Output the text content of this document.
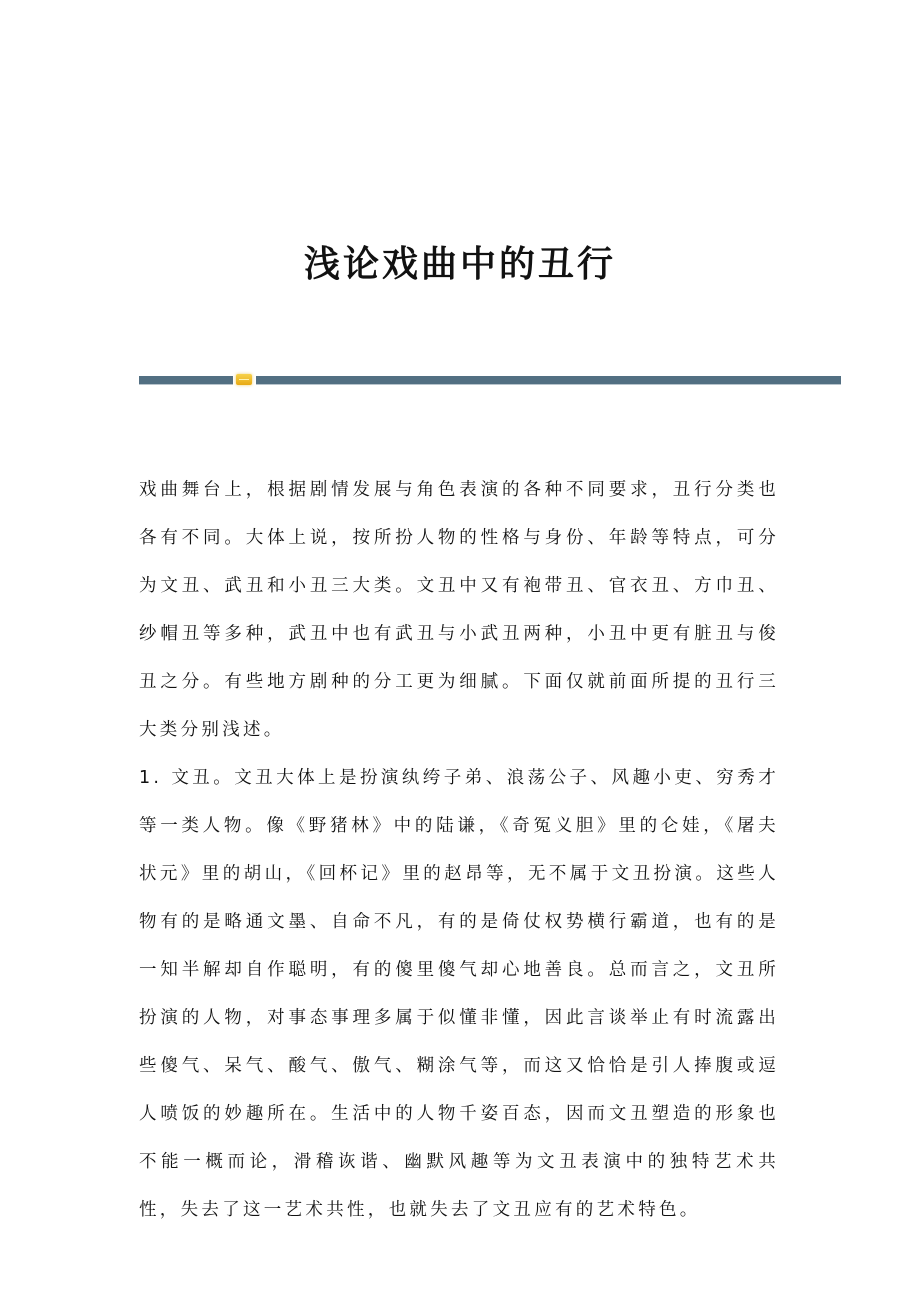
浅论戏曲中的丑行

戏曲舞台上，根据剧情发展与角色表演的各种不同要求，丑行分类也各有不同。大体上说，按所扮人物的性格与身份、年龄等特点，可分为文丑、武丑和小丑三大类。文丑中又有袍带丑、官衣丑、方巾丑、纱帽丑等多种，武丑中也有武丑与小武丑两种，小丑中更有脏丑与俊丑之分。有些地方剧种的分工更为细腻。下面仅就前面所提的丑行三大类分别浅述。

1. 文丑。文丑大体上是扮演纨绔子弟、浪荡公子、风趣小吏、穷秀才等一类人物。像《野猪林》中的陆谦，《奇冤义胆》里的仑娃，《屠夫状元》里的胡山，《回杯记》里的赵昂等，无不属于文丑扮演。这些人物有的是略通文墨、自命不凡，有的是倚仗权势横行霸道，也有的是一知半解却自作聪明，有的傻里傻气却心地善良。总而言之，文丑所扮演的人物，对事态事理多属于似懂非懂，因此言谈举止有时流露出些傻气、呆气、酸气、傲气、糊涂气等，而这又恰恰是引人捧腹或逗人喷饭的妙趣所在。生活中的人物千姿百态，因而文丑塑造的形象也不能一概而论，滑稽诙谐、幽默风趣等为文丑表演中的独特艺术共性，失去了这一艺术共性，也就失去了文丑应有的艺术特色。
